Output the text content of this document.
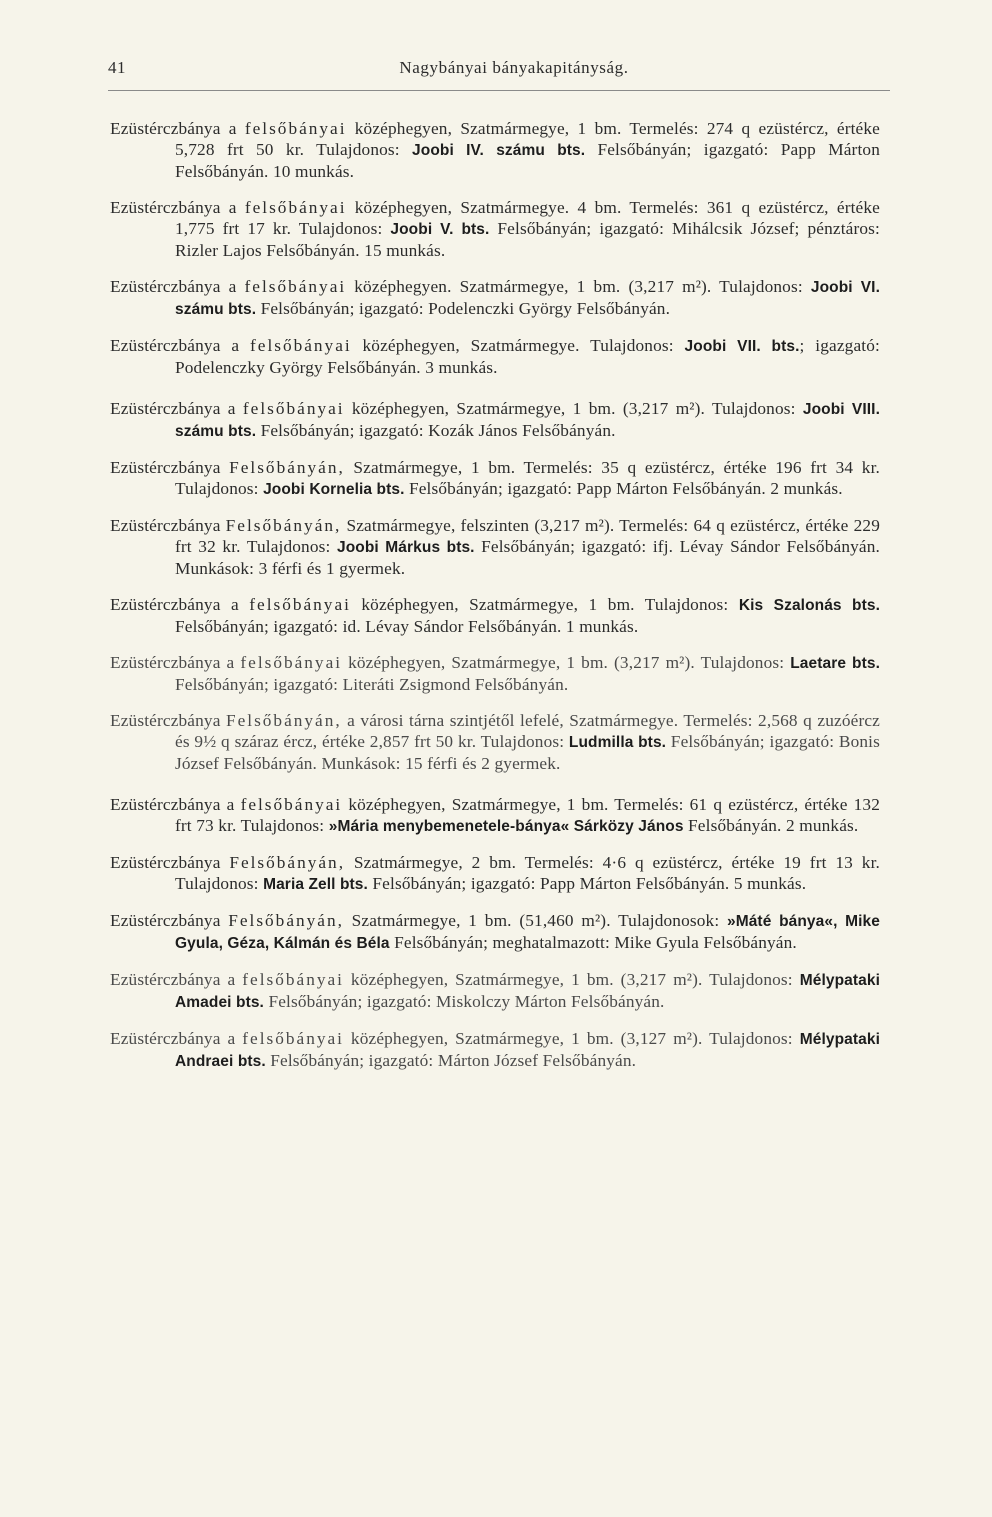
41	Nagybányai bányakapitányság.

Ezüstérczbánya a felsőbányai középhegyen, Szatmármegye, 1 bm. Termelés: 274 q ezüstércz, értéke 5,728 frt 50 kr. Tulajdonos: Joobi IV. számu bts. Felsőbányán; igazgató: Papp Márton Felsőbányán. 10 munkás.

Ezüstérczbánya a felsőbányai középhegyen, Szatmármegye. 4 bm. Termelés: 361 q ezüstércz, értéke 1,775 frt 17 kr. Tulajdonos: Joobi V. bts. Felsőbányán; igazgató: Mihálcsik József; pénztáros: Rizler Lajos Felsőbányán. 15 munkás.

Ezüstérczbánya a felsőbányai középhegyen. Szatmármegye, 1 bm. (3,217 m²). Tulajdonos: Joobi VI. számu bts. Felsőbányán; igazgató: Podelenczki György Felsőbányán.

Ezüstérczbánya a felsőbányai középhegyen, Szatmármegye. Tulajdonos: Joobi VII. bts.; igazgató: Podelenczky György Felsőbányán. 3 munkás.

Ezüstérczbánya a felsőbányai középhegyen, Szatmármegye, 1 bm. (3,217 m²). Tulajdonos: Joobi VIII. számu bts. Felsőbányán; igazgató: Kozák János Felsőbányán.

Ezüstérczbánya Felsőbányán, Szatmármegye, 1 bm. Termelés: 35 q ezüstércz, értéke 196 frt 34 kr. Tulajdonos: Joobi Kornelia bts. Felsőbányán; igazgató: Papp Márton Felsőbányán. 2 munkás.

Ezüstérczbánya Felsőbányán, Szatmármegye, felszinten (3,217 m²). Termelés: 64 q ezüstércz, értéke 229 frt 32 kr. Tulajdonos: Joobi Márkus bts. Felsőbányán; igazgató: ifj. Lévay Sándor Felsőbányán. Munkások: 3 férfi és 1 gyermek.

Ezüstérczbánya a felsőbányai középhegyen, Szatmármegye, 1 bm. Tulajdonos: Kis Szalonás bts. Felsőbányán; igazgató: id. Lévay Sándor Felsőbányán. 1 munkás.

Ezüstérczbánya a felsőbányai középhegyen, Szatmármegye, 1 bm. (3,217 m²). Tulajdonos: Laetare bts. Felsőbányán; igazgató: Literáti Zsigmond Felsőbányán.

Ezüstérczbánya Felsőbányán, a városi tárna szintjétől lefelé, Szatmármegye. Termelés: 2,568 q zuzóércz és 9½ q száraz ércz, értéke 2,857 frt 50 kr. Tulajdonos: Ludmilla bts. Felsőbányán; igazgató: Bonis József Felsőbányán. Munkások: 15 férfi és 2 gyermek.

Ezüstérczbánya a felsőbányai középhegyen, Szatmármegye, 1 bm. Termelés: 61 q ezüstércz, értéke 132 frt 73 kr. Tulajdonos: »Mária menybemenetele-bánya« Sárközy János Felsőbányán. 2 munkás.

Ezüstérczbánya Felsőbányán, Szatmármegye, 2 bm. Termelés: 4·6 q ezüstércz, értéke 19 frt 13 kr. Tulajdonos: Maria Zell bts. Felsőbányán; igazgató: Papp Márton Felsőbányán. 5 munkás.

Ezüstérczbánya Felsőbányán, Szatmármegye, 1 bm. (51,460 m²). Tulajdonosok: »Máté bánya«, Mike Gyula, Géza, Kálmán és Béla Felsőbányán; meghatalmazott: Mike Gyula Felsőbányán.

Ezüstérczbánya a felsőbányai középhegyen, Szatmármegye, 1 bm. (3,217 m²). Tulajdonos: Mélypataki Amadei bts. Felsőbányán; igazgató: Miskolczy Márton Felsőbányán.

Ezüstérczbánya a felsőbányai középhegyen, Szatmármegye, 1 bm. (3,127 m²). Tulajdonos: Mélypataki Andraei bts. Felsőbányán; igazgató: Márton József Felsőbányán.
